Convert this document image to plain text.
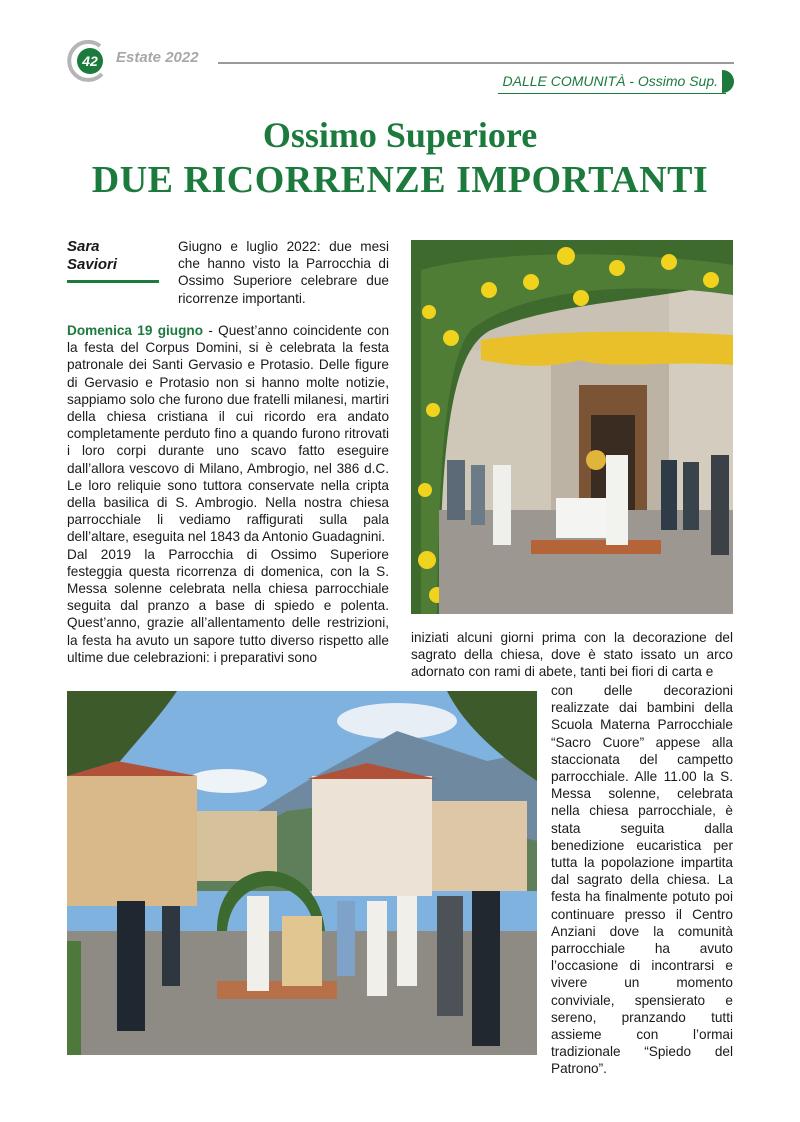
42 Estate 2022
DALLE COMUNITÀ - Ossimo Sup.
Ossimo Superiore
DUE RICORRENZE IMPORTANTI
Sara
Saviori
Giugno e luglio 2022: due mesi che hanno visto la Parrocchia di Ossimo Superiore celebrare due ricorrenze importanti.

Domenica 19 giugno - Quest’anno coincidente con la festa del Corpus Domini, si è celebrata la festa patronale dei Santi Gervasio e Protasio. Delle figure di Gervasio e Protasio non si hanno molte notizie, sappiamo solo che furono due fratelli milanesi, martiri della chiesa cristiana il cui ricordo era andato completamente perduto fino a quando furono ritrovati i loro corpi durante uno scavo fatto eseguire dall’allora vescovo di Milano, Ambrogio, nel 386 d.C. Le loro reliquie sono tuttora conservate nella cripta della basilica di S. Ambrogio. Nella nostra chiesa parrocchiale li vediamo raffigurati sulla pala dell’altare, eseguita nel 1843 da Antonio Guadagnini.

Dal 2019 la Parrocchia di Ossimo Superiore festeggia questa ricorrenza di domenica, con la S. Messa solenne celebrata nella chiesa parrocchiale seguita dal pranzo a base di spiedo e polenta. Quest’anno, grazie all’allentamento delle restrizioni, la festa ha avuto un sapore tutto diverso rispetto alle ultime due celebrazioni: i preparativi sono

iniziati alcuni giorni prima con la decorazione del sagrato della chiesa, dove è stato issato un arco adornato con rami di abete, tanti bei fiori di carta e
con delle decorazioni realizzate dai bambini della Scuola Materna Parrocchiale “Sacro Cuore” appese alla staccionata del campetto parrocchiale. Alle 11.00 la S. Messa solenne, celebrata nella chiesa parrocchiale, è stata seguita dalla benedizione eucaristica per tutta la popolazione impartita dal sagrato della chiesa. La festa ha finalmente potuto poi continuare presso il Centro Anziani dove la comunità parrocchiale ha avuto l’occasione di incontrarsi e vivere un momento conviviale, spensierato e sereno, pranzando tutti assieme con l’ormai tradizionale “Spiedo del Patrono”.
